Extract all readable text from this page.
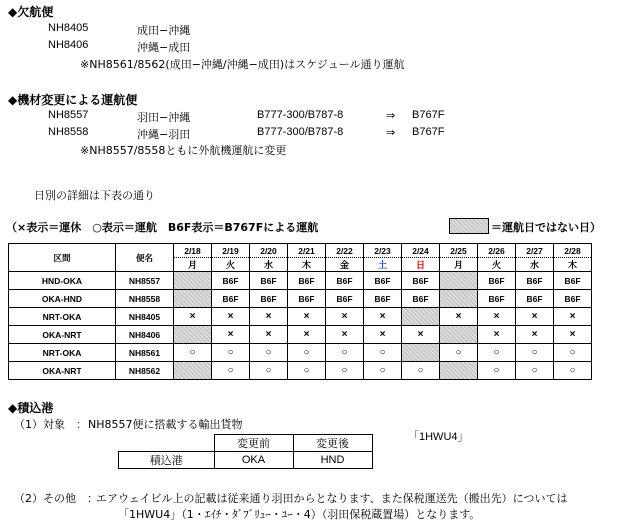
◆欠航便
NH8405	成田−沖縄
NH8406	沖縄−成田
※NH8561/8562(成田−沖縄/沖縄−成田)はスケジュール通り運航
◆機材変更による運航便
NH8557	羽田−沖縄	B777-300/B787-8	⇒ B767F
NH8558	沖縄−羽田	B777-300/B787-8	⇒ B767F
※NH8557/8558ともに外航機運航に変更
日別の詳細は下表の通り
（×表示＝運休　○表示＝運航　B6F表示＝B767Fによる運航	＝運航日ではない日）
区間	便名	2/18	2/19	2/20	2/21	2/22	2/23	2/24	2/25	2/26	2/27	2/28
		月	火	水	木	金	土	日	月	火	水	木
HND-OKA	NH8557		B6F	B6F	B6F	B6F	B6F	B6F		B6F	B6F	B6F
OKA-HND	NH8558		B6F	B6F	B6F	B6F	B6F	B6F		B6F	B6F	B6F
NRT-OKA	NH8405	×	×	×	×	×	×		×	×	×	×
OKA-NRT	NH8406		×	×	×	×	×	×		×	×	×
NRT-OKA	NH8561	○	○	○	○	○	○		○	○	○	○
OKA-NRT	NH8562		○	○	○	○	○	○		○	○	○
◆積込港
（1）対象　： NH8557便に搭載する輸出貨物
「1HWU4」
	変更前	変更後
積込港	OKA	HND
（2）その他　：
エアウェイビル上の記載は従来通り羽田からとなります、また保税運送先（搬出先）については
「1HWU4」（1・ｴｲﾁ・ﾀﾞﾌﾞﾘｭｰ・ﾕｰ・4）（羽田保税蔵置場）となります。
